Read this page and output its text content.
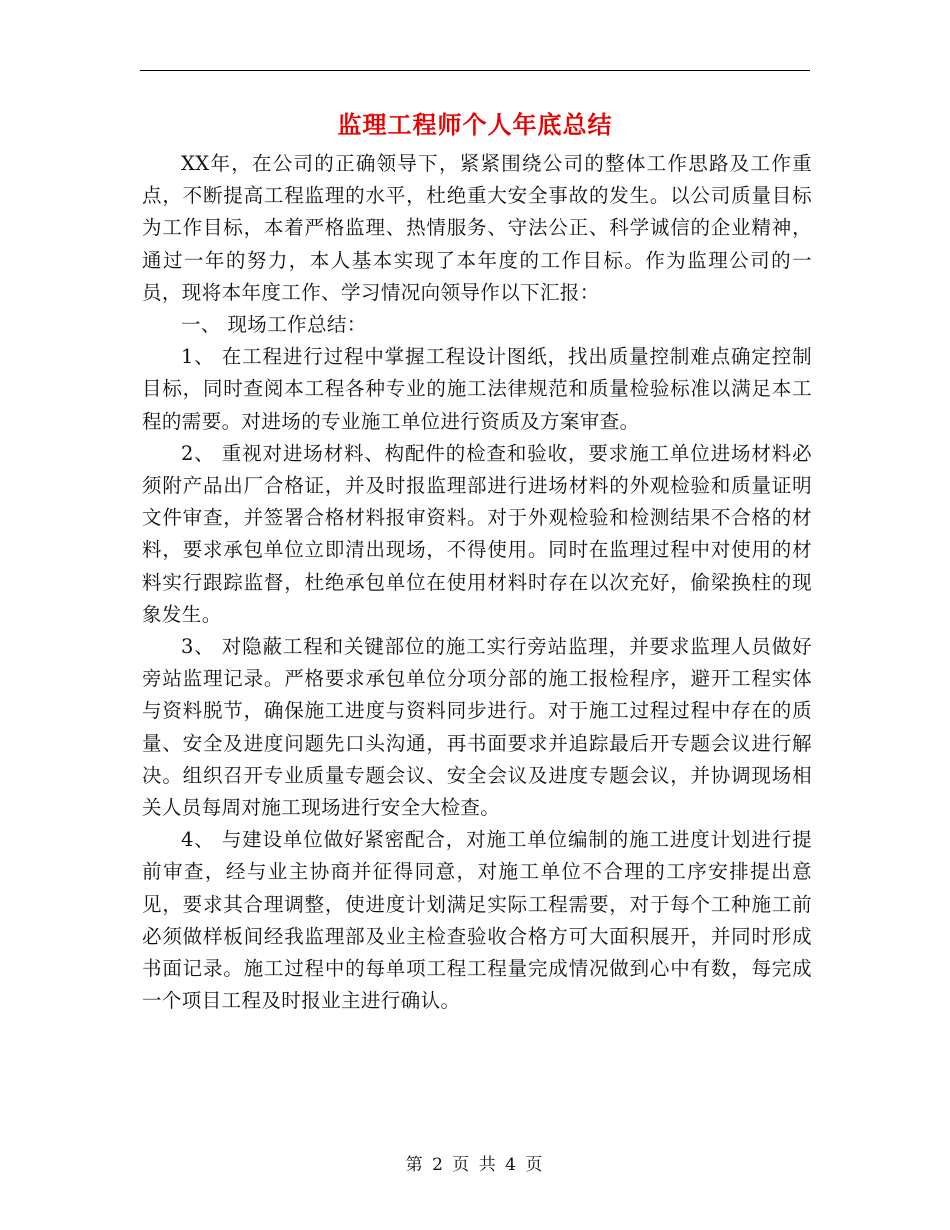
监理工程师个人年底总结

XX年，在公司的正确领导下，紧紧围绕公司的整体工作思路及工作重点，不断提高工程监理的水平，杜绝重大安全事故的发生。以公司质量目标为工作目标，本着严格监理、热情服务、守法公正、科学诚信的企业精神，通过一年的努力，本人基本实现了本年度的工作目标。作为监理公司的一员，现将本年度工作、学习情况向领导作以下汇报：

一、 现场工作总结：

1、 在工程进行过程中掌握工程设计图纸，找出质量控制难点确定控制目标，同时查阅本工程各种专业的施工法律规范和质量检验标准以满足本工程的需要。对进场的专业施工单位进行资质及方案审查。

2、 重视对进场材料、构配件的检查和验收，要求施工单位进场材料必须附产品出厂合格证，并及时报监理部进行进场材料的外观检验和质量证明文件审查，并签署合格材料报审资料。对于外观检验和检测结果不合格的材料，要求承包单位立即清出现场，不得使用。同时在监理过程中对使用的材料实行跟踪监督，杜绝承包单位在使用材料时存在以次充好，偷梁换柱的现象发生。

3、 对隐蔽工程和关键部位的施工实行旁站监理，并要求监理人员做好旁站监理记录。严格要求承包单位分项分部的施工报检程序，避开工程实体与资料脱节，确保施工进度与资料同步进行。对于施工过程过程中存在的质量、安全及进度问题先口头沟通，再书面要求并追踪最后开专题会议进行解决。组织召开专业质量专题会议、安全会议及进度专题会议，并协调现场相关人员每周对施工现场进行安全大检查。

4、 与建设单位做好紧密配合，对施工单位编制的施工进度计划进行提前审查，经与业主协商并征得同意，对施工单位不合理的工序安排提出意见，要求其合理调整，使进度计划满足实际工程需要，对于每个工种施工前必须做样板间经我监理部及业主检查验收合格方可大面积展开，并同时形成书面记录。施工过程中的每单项工程工程量完成情况做到心中有数，每完成一个项目工程及时报业主进行确认。

第 2 页 共 4 页
